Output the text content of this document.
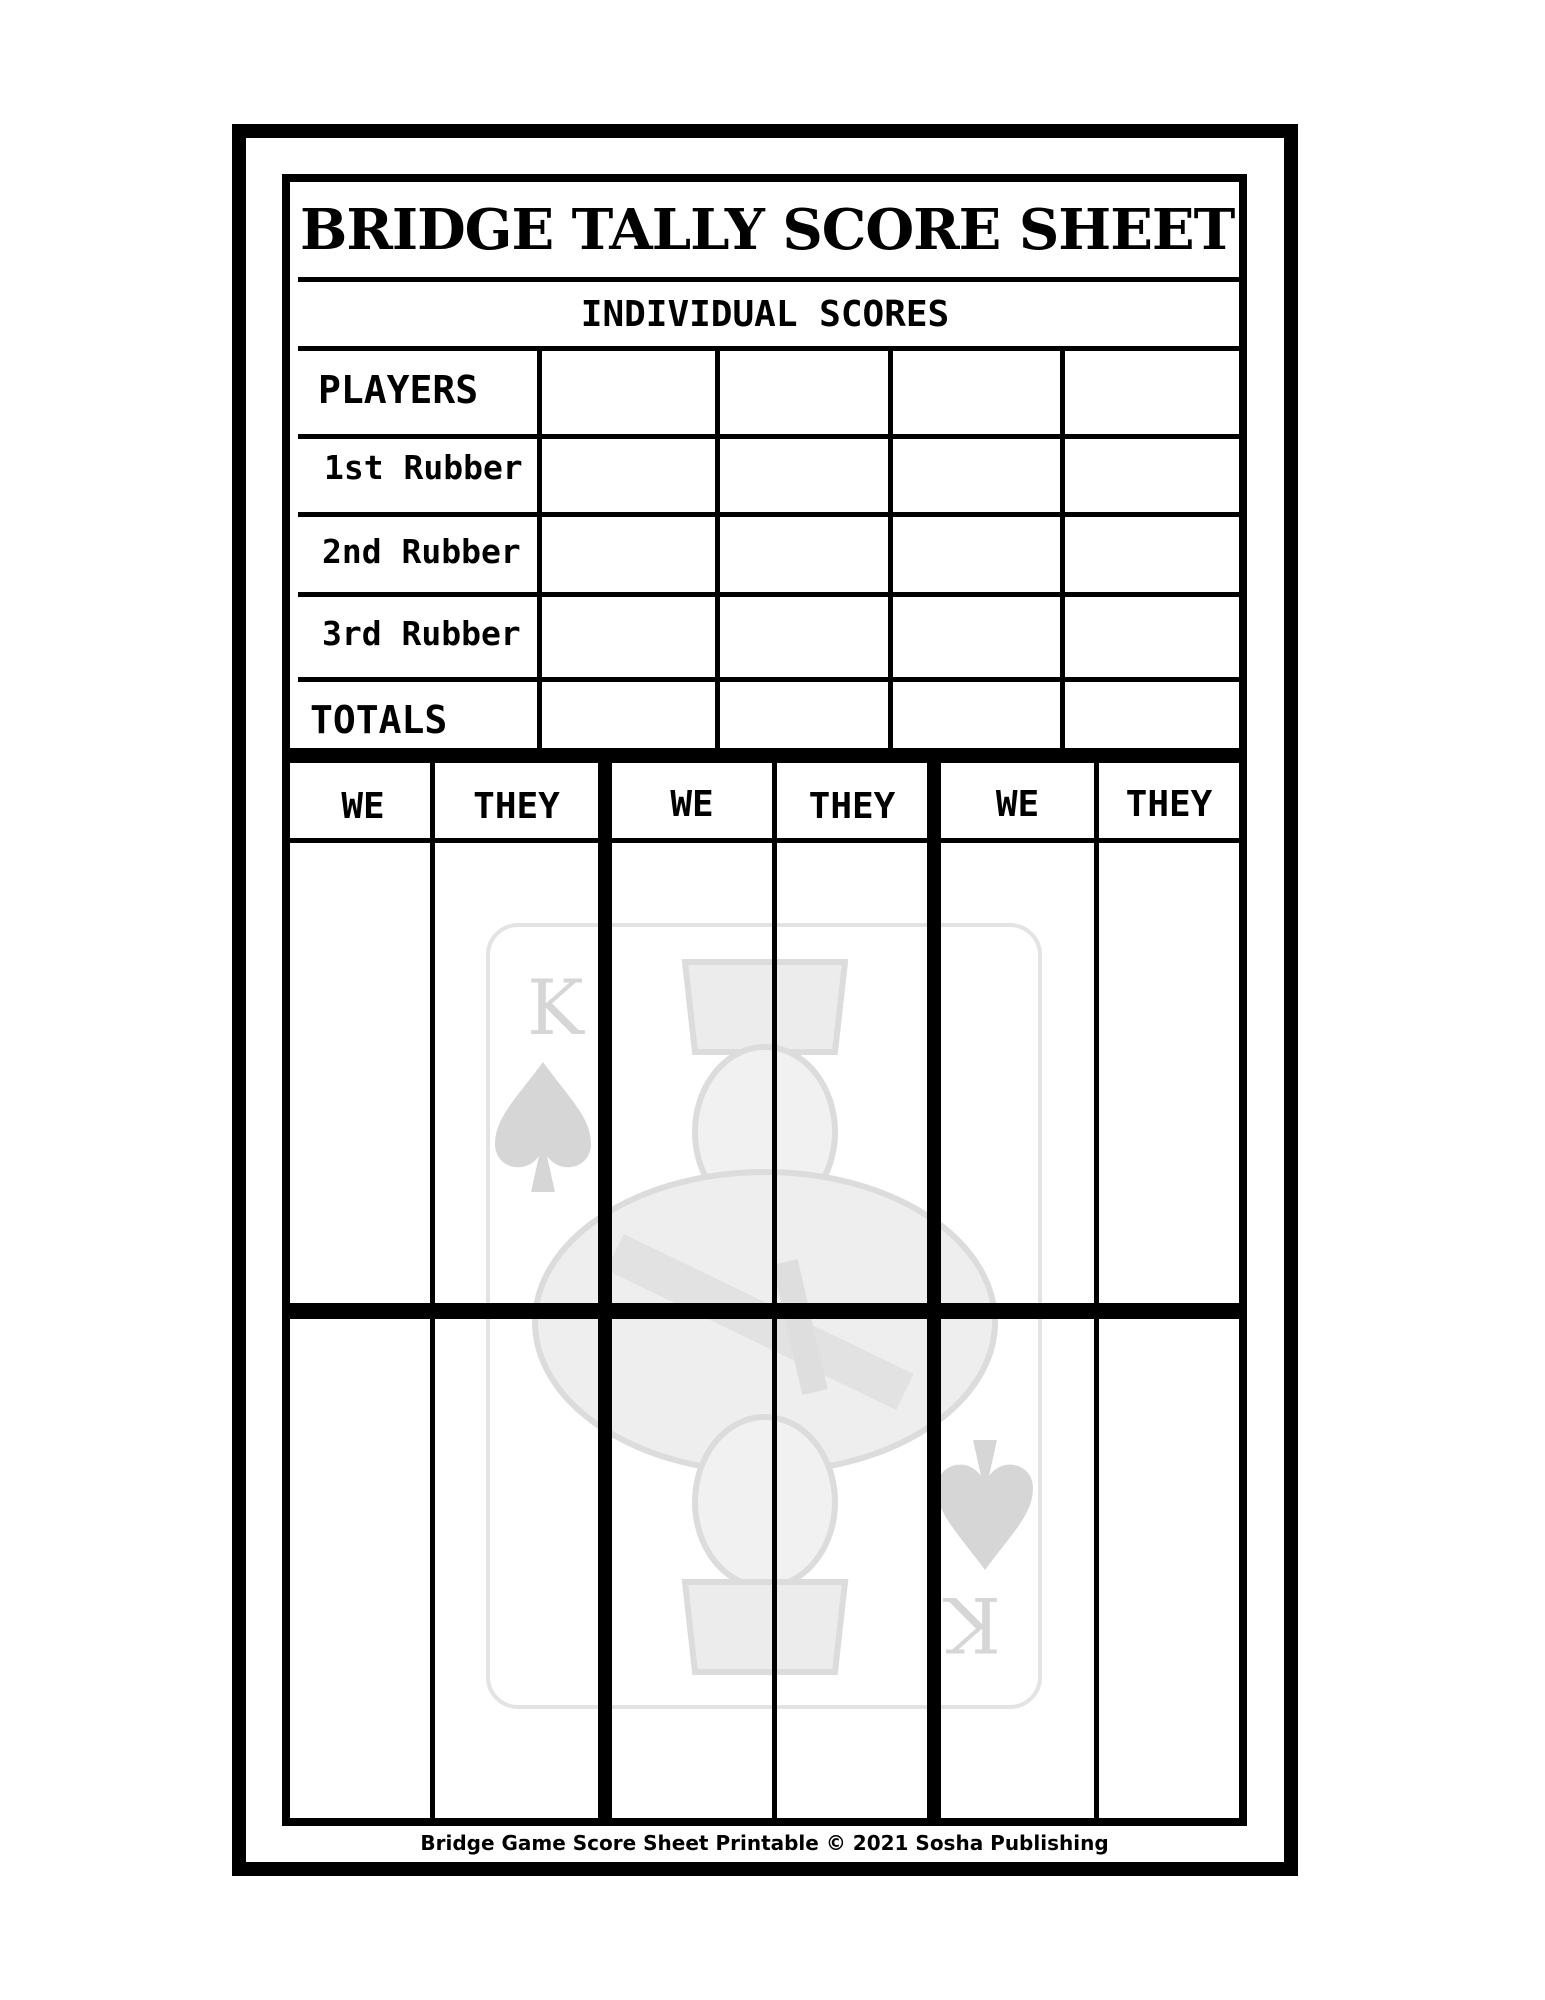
K
K
BRIDGE TALLY SCORE SHEET
INDIVIDUAL SCORES
PLAYERS
1st Rubber
2nd Rubber
3rd Rubber
TOTALS
WE	THEY	WE	THEY	WE	THEY
Bridge Game Score Sheet Printable © 2021 Sosha Publishing
